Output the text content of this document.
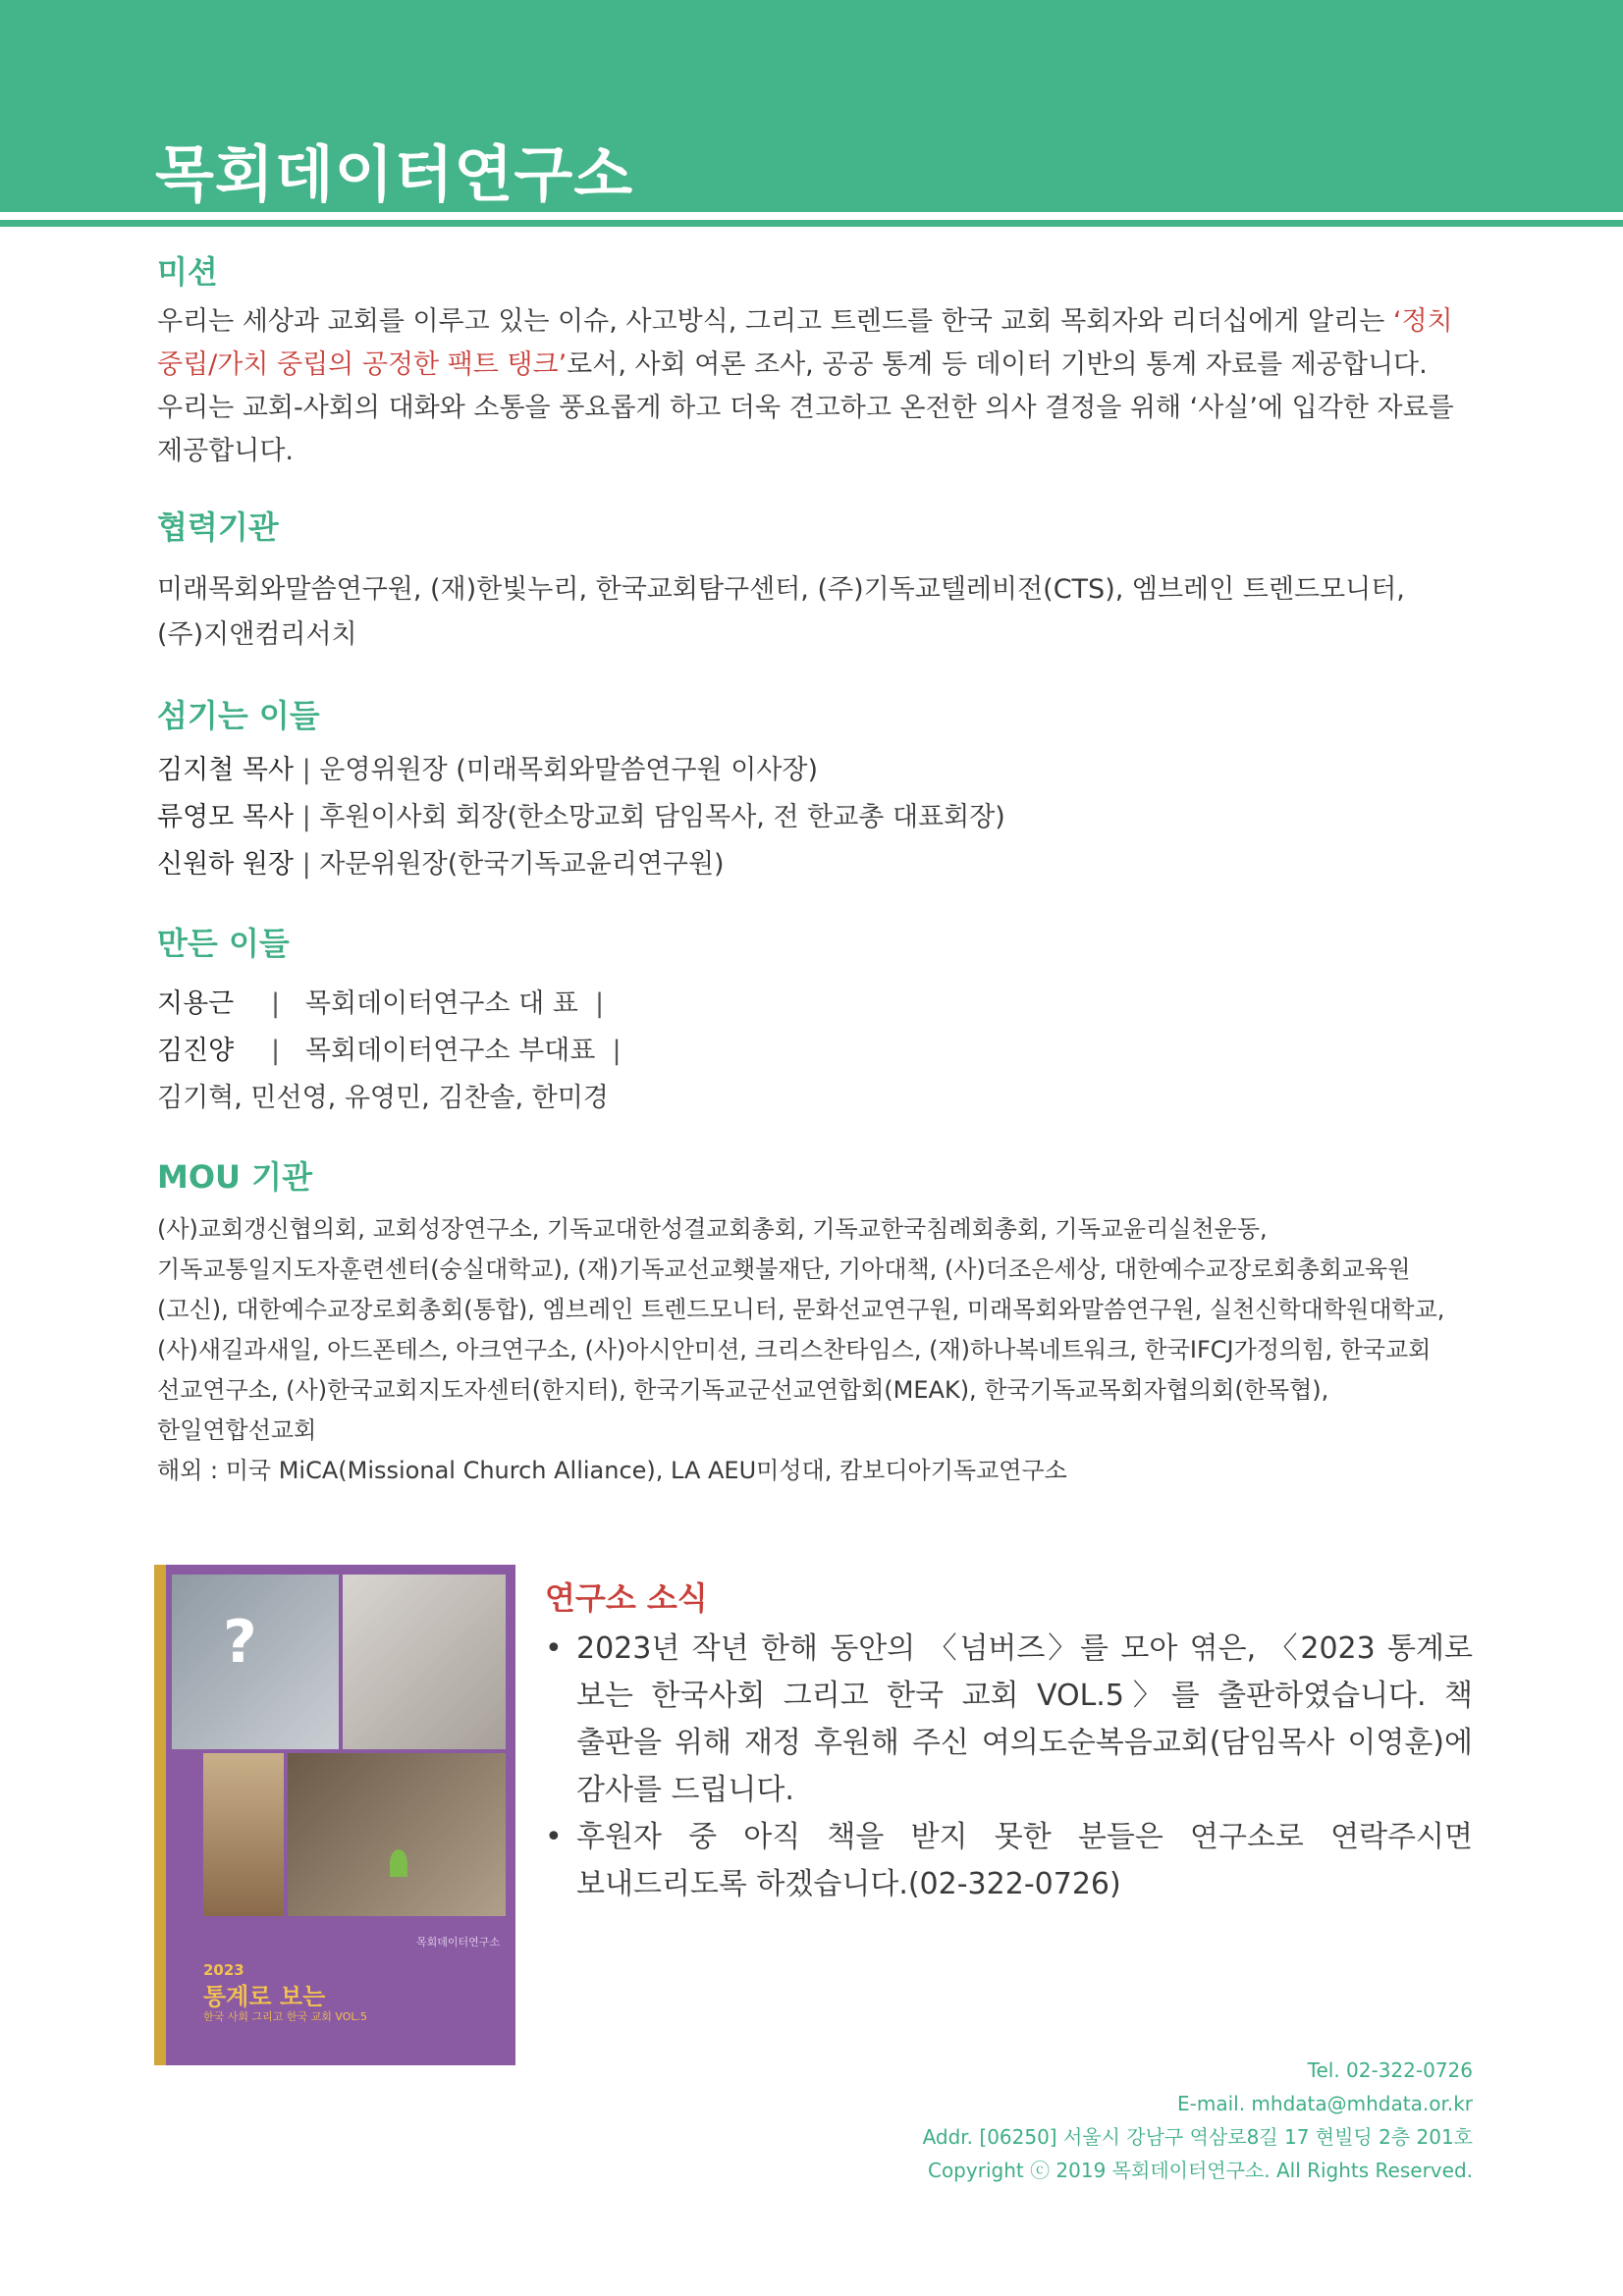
목회데이터연구소
미션
우리는 세상과 교회를 이루고 있는 이슈, 사고방식, 그리고 트렌드를 한국 교회 목회자와 리더십에게 알리는 ‘정치 중립/가치 중립의 공정한 팩트 탱크’로서, 사회 여론 조사, 공공 통계 등 데이터 기반의 통계 자료를 제공합니다.
우리는 교회-사회의 대화와 소통을 풍요롭게 하고 더욱 견고하고 온전한 의사 결정을 위해 ‘사실’에 입각한 자료를 제공합니다.
협력기관
미래목회와말씀연구원, (재)한빛누리, 한국교회탐구센터, (주)기독교텔레비전(CTS), 엠브레인 트렌드모니터,
(주)지앤컴리서치
섬기는 이들
김지철 목사 | 운영위원장 (미래목회와말씀연구원 이사장)
류영모 목사 | 후원이사회 회장(한소망교회 담임목사, 전 한교총 대표회장)
신원하 원장 | 자문위원장(한국기독교윤리연구원)
만든 이들
지용근 | 목회데이터연구소 대 표 |
김진양 | 목회데이터연구소 부대표 |
김기혁, 민선영, 유영민, 김찬솔, 한미경
MOU 기관

(사)교회갱신협의회, 교회성장연구소, 기독교대한성결교회총회, 기독교한국침례회총회, 기독교윤리실천운동, 기독교통일지도자훈련센터(숭실대학교), (재)기독교선교횃불재단, 기아대책, (사)더조은세상, 대한예수교장로회총회교육원(고신), 대한예수교장로회총회(통합), 엠브레인 트렌드모니터, 문화선교연구원, 미래목회와말씀연구원, 실천신학대학원대학교, (사)새길과새일, 아드폰테스, 아크연구소, (사)아시안미션, 크리스찬타임스, (재)하나복네트워크, 한국IFCJ가정의힘, 한국교회 선교연구소, (사)한국교회지도자센터(한지터), 한국기독교군선교연합회(MEAK), 한국기독교목회자협의회(한목협), 한일연합선교회

해외 : 미국 MiCA(Missional Church Alliance), LA AEU미성대, 캄보디아기독교연구소

?
목회데이터연구소
2023
통계로 보는
한국 사회 그리고 한국 교회 VOL.5
연구소 소식
• 2023년 작년 한해 동안의 〈넘버즈〉를 모아 엮은, 〈2023 통계로 보는 한국사회 그리고 한국 교회 VOL.5〉를 출판하였습니다. 책 출판을 위해 재정 후원해 주신 여의도순복음교회(담임목사 이영훈)에 감사를 드립니다.
• 후원자 중 아직 책을 받지 못한 분들은 연구소로 연락주시면 보내드리도록 하겠습니다.(02-322-0726)
Tel. 02-322-0726
E-mail. mhdata@mhdata.or.kr
Addr. [06250] 서울시 강남구 역삼로8길 17 현빌딩 2층 201호
Copyright ⓒ 2019 목회데이터연구소. All Rights Reserved.
